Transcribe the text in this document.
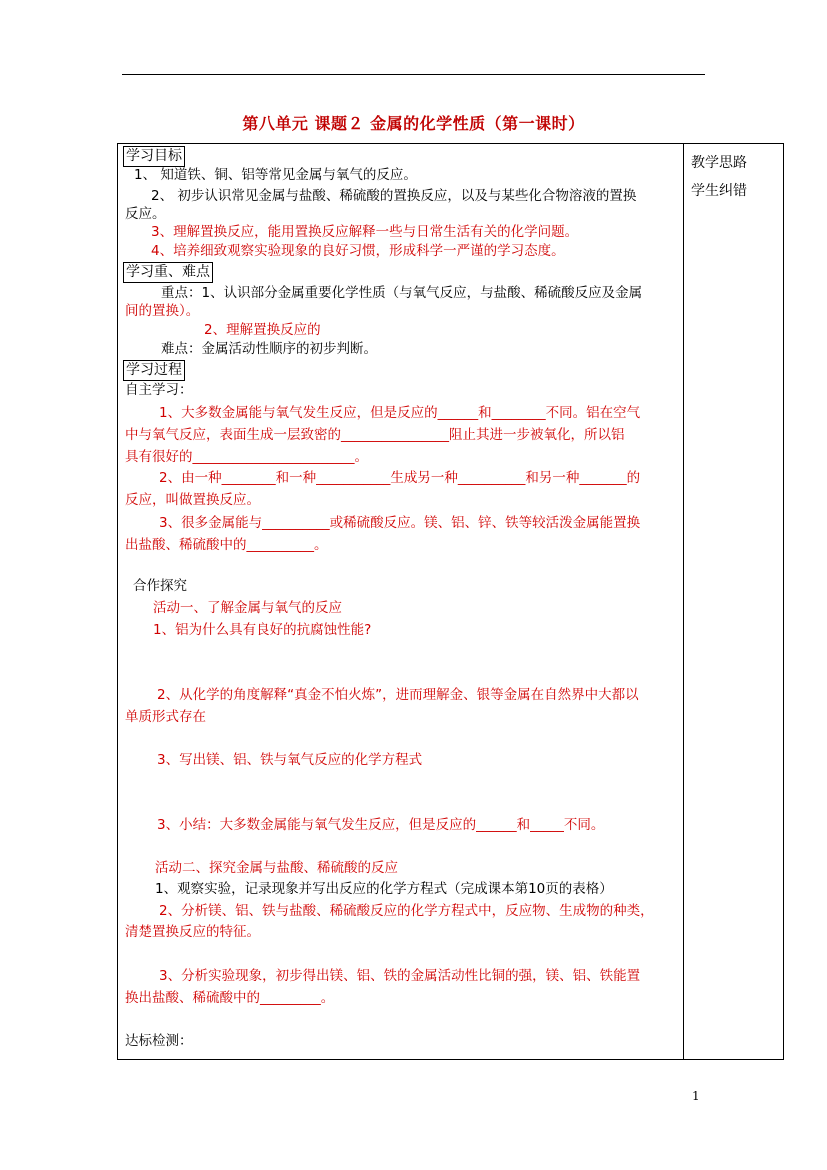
第八单元 课题２ 金属的化学性质（第一课时）
教学思路
学生纠错
学习目标
1、 知道铁、铜、铝等常见金属与氧气的反应。
2、 初步认识常见金属与盐酸、稀硫酸的置换反应，以及与某些化合物溶液的置换
反应。
3、理解置换反应，能用置换反应解释一些与日常生活有关的化学问题。
4、培养细致观察实验现象的良好习惯，形成科学一严谨的学习态度。
学习重、难点
重点：1、认识部分金属重要化学性质（与氧气反应，与盐酸、稀硫酸反应及金属
间的置换）。
2、理解置换反应的
难点：金属活动性顺序的初步判断。
学习过程
自主学习：
1、大多数金属能与氧气发生反应，但是反应的______和________不同。铝在空气
中与氧气反应，表面生成一层致密的________________阻止其进一步被氧化，所以铝
具有很好的________________________。
2、由一种________和一种___________生成另一种__________和另一种_______的
反应，叫做置换反应。
3、很多金属能与__________或稀硫酸反应。镁、铝、锌、铁等较活泼金属能置换
出盐酸、稀硫酸中的__________。
合作探究
活动一、了解金属与氧气的反应
1、铝为什么具有良好的抗腐蚀性能?
2、从化学的角度解释“真金不怕火炼”，进而理解金、银等金属在自然界中大都以
单质形式存在
3、写出镁、铝、铁与氧气反应的化学方程式
3、小结：大多数金属能与氧气发生反应，但是反应的______和_____不同。
活动二、探究金属与盐酸、稀硫酸的反应
1、观察实验，记录现象并写出反应的化学方程式（完成课本第10页的表格）
2、分析镁、铝、铁与盐酸、稀硫酸反应的化学方程式中，反应物、生成物的种类，
清楚置换反应的特征。
3、分析实验现象，初步得出镁、铝、铁的金属活动性比铜的强，镁、铝、铁能置
换出盐酸、稀硫酸中的_________。
达标检测：
1
